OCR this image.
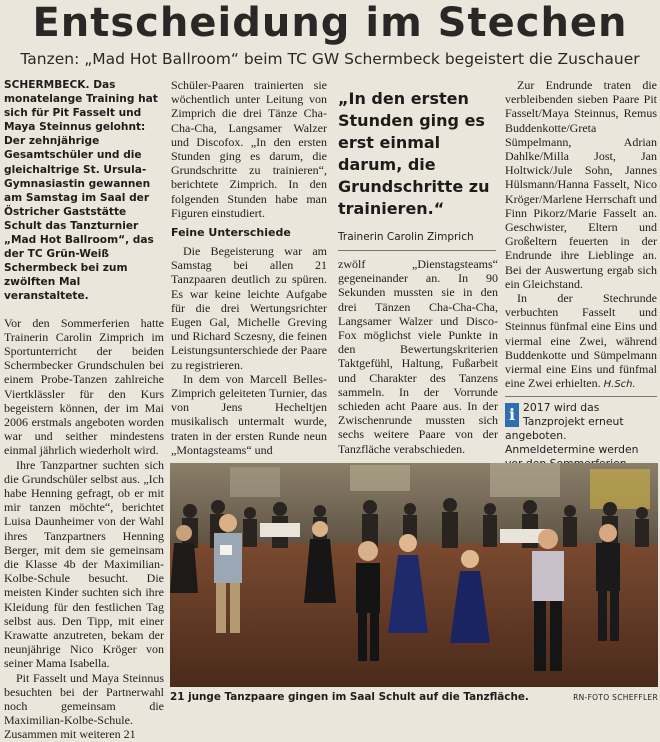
Entscheidung im Stechen
Tanzen: „Mad Hot Ballroom“ beim TC GW Schermbeck begeistert die Zuschauer

SCHERMBECK. Das monatelange Training hat sich für Pit Fasselt und Maya Steinnus gelohnt: Der zehnjährige Gesamtschüler und die gleichaltrige St. Ursula-Gymnasiastin gewannen am Samstag im Saal der Östricher Gaststätte Schult das Tanzturnier „Mad Hot Ballroom“, das der TC Grün-Weiß Schermbeck bei zum zwölften Mal veranstaltete.

Vor den Sommerferien hatte Trainerin Carolin Zimprich im Sportunterricht der beiden Schermbecker Grundschulen bei einem Probe-Tanzen zahlreiche Viertklässler für den Kurs begeistern können, der im Mai 2006 erstmals angeboten worden war und seither mindestens einmal jährlich wiederholt wird.

Ihre Tanzpartner suchten sich die Grundschüler selbst aus. „Ich habe Henning gefragt, ob er mit mir tanzen möchte“, berichtet Luisa Daunheimer von der Wahl ihres Tanzpartners Henning Berger, mit dem sie gemeinsam die Klasse 4b der Maximilian-Kolbe-Schule besucht. Die meisten Kinder suchten sich ihre Kleidung für den festlichen Tag selbst aus. Den Tipp, mit einer Krawatte anzutreten, bekam der neunjährige Nico Kröger von seiner Mama Isabella.

Pit Fasselt und Maya Steinnus besuchten bei der Partnerwahl noch gemeinsam die Maximilian-Kolbe-Schule. Zusammen mit weiteren 21

Schüler-Paaren trainierten sie wöchentlich unter Leitung von Zimprich die drei Tänze Cha-Cha-Cha, Langsamer Walzer und Discofox. „In den ersten Stunden ging es darum, die Grundschritte zu trainieren“, berichtete Zimprich. In den folgenden Stunden habe man Figuren einstudiert.

Feine Unterschiede

Die Begeisterung war am Samstag bei allen 21 Tanzpaaren deutlich zu spüren. Es war keine leichte Aufgabe für die drei Wertungsrichter Eugen Gal, Michelle Greving und Richard Sczesny, die feinen Leistungsunterschiede der Paare zu registrieren.

In dem von Marcell Belles-Zimprich geleiteten Turnier, das von Jens Hecheltjen musikalisch untermalt wurde, traten in der ersten Runde neun „Montagsteams“ und

„In den ersten Stunden ging es erst einmal darum, die Grundschritte zu trainieren.“
Trainerin Carolin Zimprich

zwölf „Dienstagsteams“ gegeneinander an. In 90 Sekunden mussten sie in den drei Tänzen Cha-Cha-Cha, Langsamer Walzer und Disco-Fox möglichst viele Punkte in den Bewertungskriterien Taktgefühl, Haltung, Fußarbeit und Charakter des Tanzens sammeln. In der Vorrunde schieden acht Paare aus. In der Zwischenrunde mussten sich sechs weitere Paare von der Tanzfläche verabschieden.

Zur Endrunde traten die verbleibenden sieben Paare Pit Fasselt/Maya Steinnus, Remus Buddenkotte/Greta Sümpelmann, Adrian Dahlke/Milla Jost, Jan Holtwick/Jule Sohn, Jannes Hülsmann/Hanna Fasselt, Nico Kröger/Marlene Herrschaft und Finn Pikorz/Marie Fasselt an. Geschwister, Eltern und Großeltern feuerten in der Endrunde ihre Lieblinge an. Bei der Auswertung ergab sich ein Gleichstand.

In der Stechrunde verbuchten Fasselt und Steinnus fünfmal eine Eins und viermal eine Zwei, während Buddenkotte und Sümpelmann viermal eine Eins und fünfmal eine Zwei erhielten. H.Sch.

i 2017 wird das Tanzprojekt erneut angeboten. Anmeldetermine werden
21 junge Tanzpaare gingen im Saal Schult auf die Tanzfläche.	RN-FOTO SCHEFFLER
